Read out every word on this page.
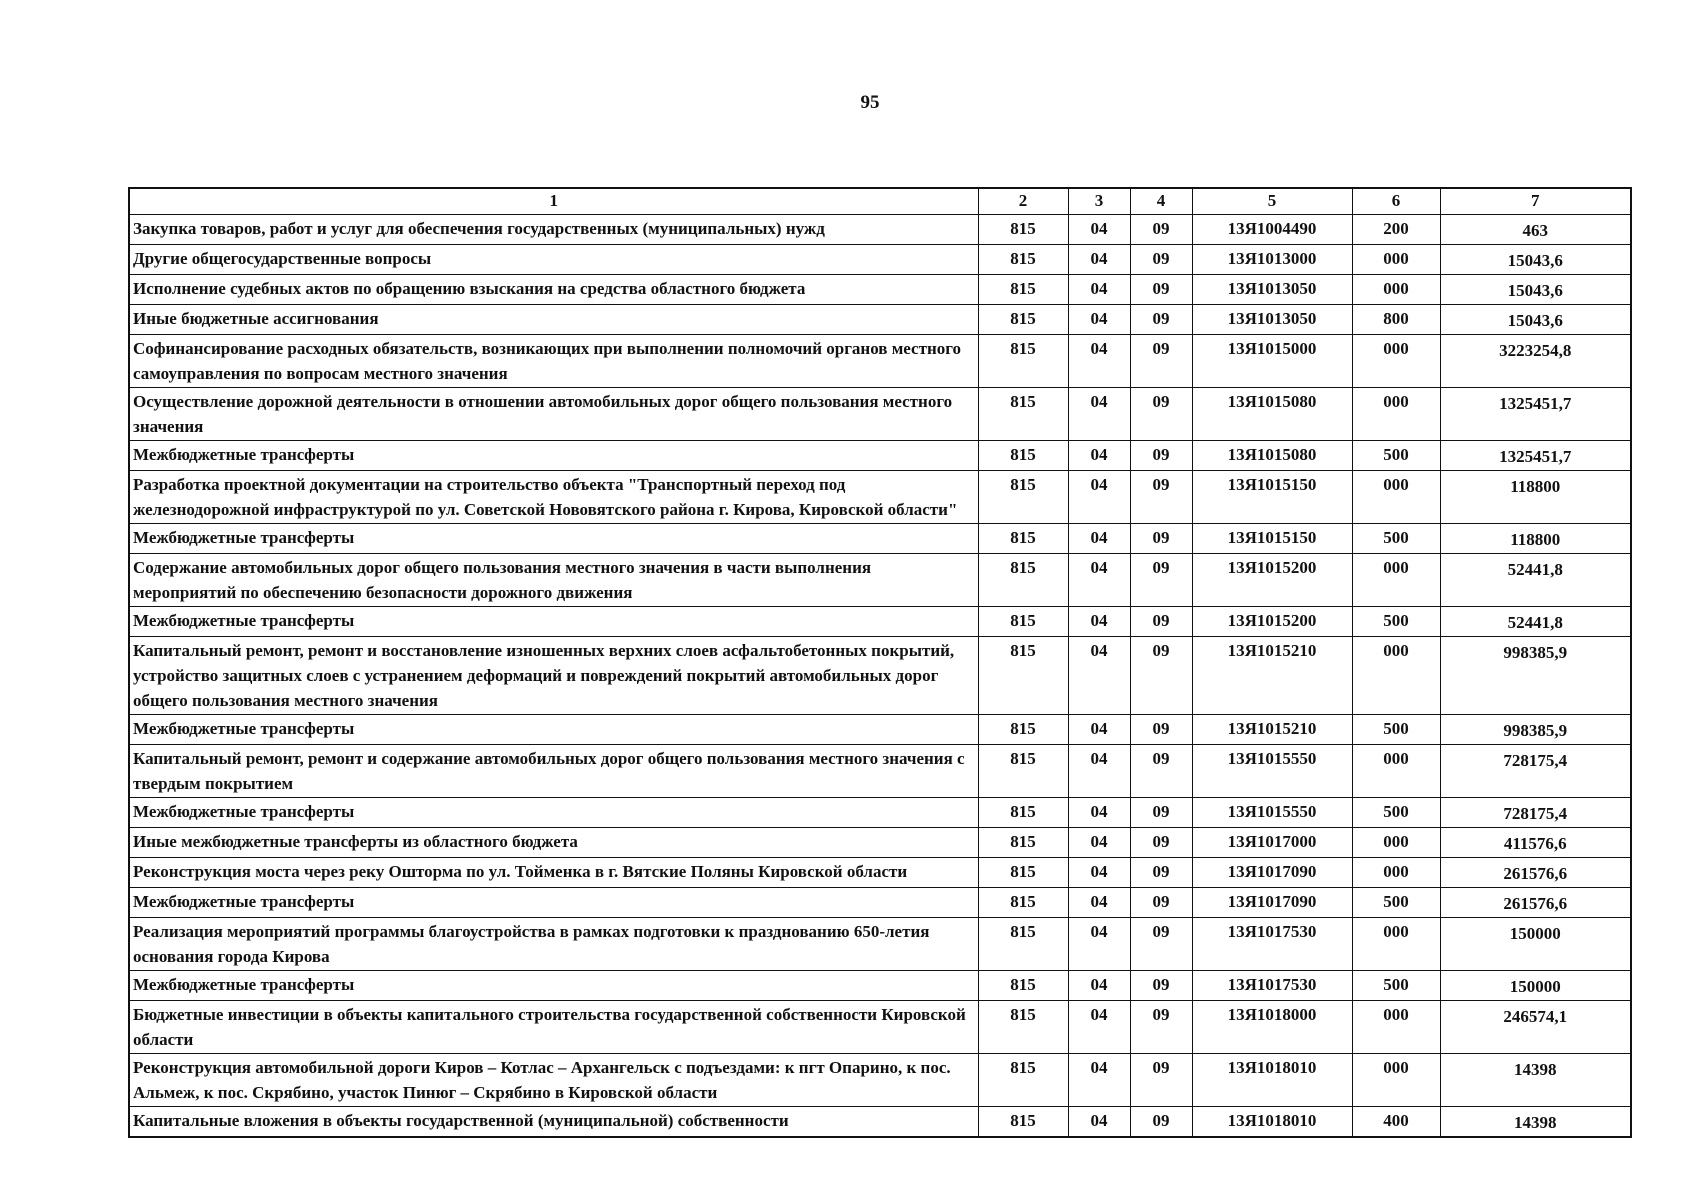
95
1	2	3	4	5	6	7
Закупка товаров, работ и услуг для обеспечения государственных (муниципальных) нужд	815	04	09	13Я1004490	200	463
Другие общегосударственные вопросы	815	04	09	13Я1013000	000	15043,6
Исполнение судебных актов по обращению взыскания на средства областного бюджета	815	04	09	13Я1013050	000	15043,6
Иные бюджетные ассигнования	815	04	09	13Я1013050	800	15043,6
Софинансирование расходных обязательств, возникающих при выполнении полномочий органов местного самоуправления по вопросам местного значения	815	04	09	13Я1015000	000	3223254,8
Осуществление дорожной деятельности в отношении автомобильных дорог общего пользования местного значения	815	04	09	13Я1015080	000	1325451,7
Межбюджетные трансферты	815	04	09	13Я1015080	500	1325451,7
Разработка проектной документации на строительство объекта "Транспортный переход под железнодорожной инфраструктурой по ул. Советской Нововятского района г. Кирова, Кировской области"	815	04	09	13Я1015150	000	118800
Межбюджетные трансферты	815	04	09	13Я1015150	500	118800
Содержание автомобильных дорог общего пользования местного значения в части выполнения мероприятий по обеспечению безопасности дорожного движения	815	04	09	13Я1015200	000	52441,8
Межбюджетные трансферты	815	04	09	13Я1015200	500	52441,8
Капитальный ремонт, ремонт и восстановление изношенных верхних слоев асфальтобетонных покрытий, устройство защитных слоев с устранением деформаций и повреждений покрытий автомобильных дорог общего пользования местного значения	815	04	09	13Я1015210	000	998385,9
Межбюджетные трансферты	815	04	09	13Я1015210	500	998385,9
Капитальный ремонт, ремонт и содержание автомобильных дорог общего пользования местного значения с твердым покрытием	815	04	09	13Я1015550	000	728175,4
Межбюджетные трансферты	815	04	09	13Я1015550	500	728175,4
Иные межбюджетные трансферты из областного бюджета	815	04	09	13Я1017000	000	411576,6
Реконструкция моста через реку Ошторма по ул. Тойменка в г. Вятские Поляны Кировской области	815	04	09	13Я1017090	000	261576,6
Межбюджетные трансферты	815	04	09	13Я1017090	500	261576,6
Реализация мероприятий программы благоустройства в рамках подготовки к празднованию 650-летия основания города Кирова	815	04	09	13Я1017530	000	150000
Межбюджетные трансферты	815	04	09	13Я1017530	500	150000
Бюджетные инвестиции в объекты капитального строительства государственной собственности Кировской области	815	04	09	13Я1018000	000	246574,1
Реконструкция автомобильной дороги Киров – Котлас – Архангельск с подъездами: к пгт Опарино, к пос. Альмеж, к пос. Скрябино, участок Пинюг – Скрябино в Кировской области	815	04	09	13Я1018010	000	14398
Капитальные вложения в объекты государственной (муниципальной) собственности	815	04	09	13Я1018010	400	14398
